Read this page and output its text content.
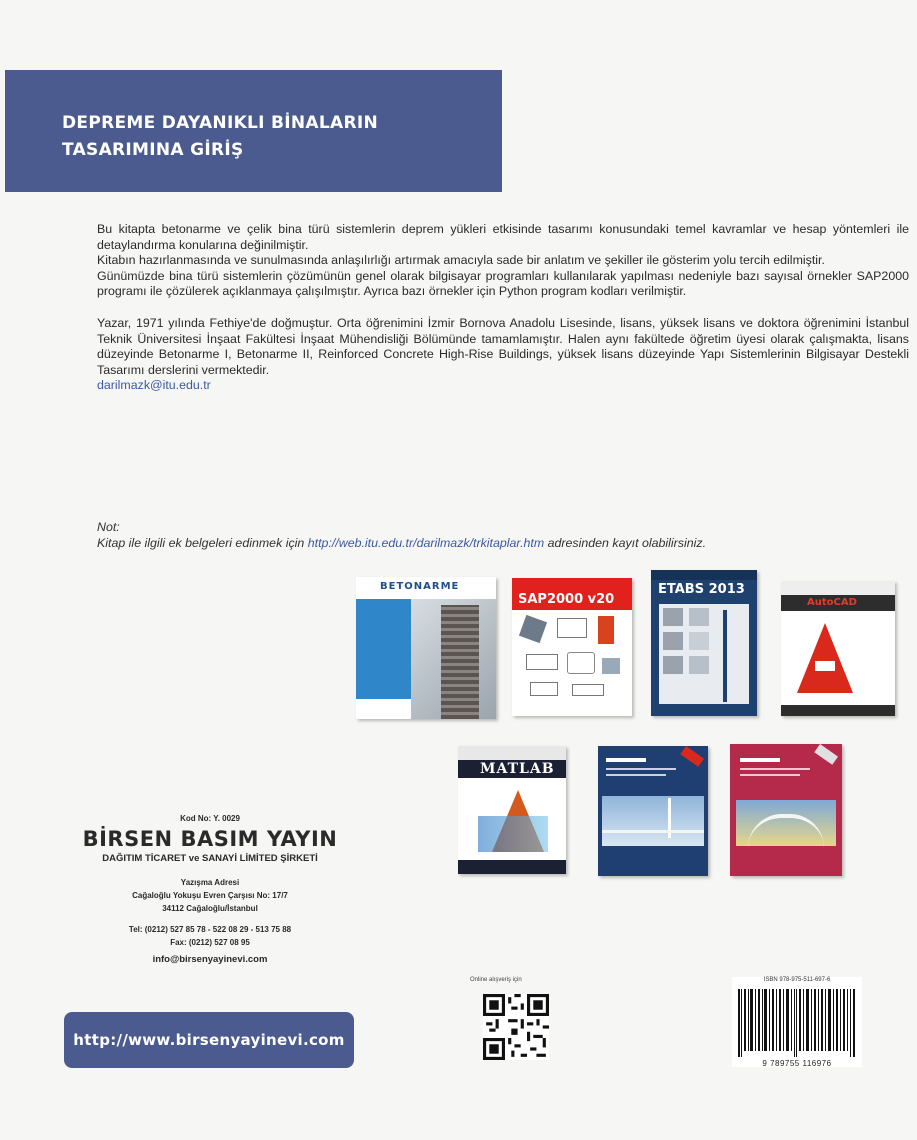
DEPREME DAYANIKLI BİNALARIN
TASARIMINA GİRİŞ

Bu kitapta betonarme ve çelik bina türü sistemlerin deprem yükleri etkisinde tasarımı konusundaki temel kavramlar ve hesap yöntemleri ile detaylandırma konularına değinilmiştir.

Kitabın hazırlanmasında ve sunulmasında anlaşılırlığı artırmak amacıyla sade bir anlatım ve şekiller ile gösterim yolu tercih edilmiştir.

Günümüzde bina türü sistemlerin çözümünün genel olarak bilgisayar programları kullanılarak yapılması nedeniyle bazı sayısal örnekler SAP2000 programı ile çözülerek açıklanmaya çalışılmıştır. Ayrıca bazı örnekler için Python program kodları verilmiştir.

Yazar, 1971 yılında Fethiye'de doğmuştur. Orta öğrenimini İzmir Bornova Anadolu Lisesinde, lisans, yüksek lisans ve doktora öğrenimini İstanbul Teknik Üniversitesi İnşaat Fakültesi İnşaat Mühendisliği Bölümünde tamamlamıştır. Halen aynı fakültede öğretim üyesi olarak çalışmakta, lisans düzeyinde Betonarme I, Betonarme II, Reinforced Concrete High-Rise Buildings, yüksek lisans düzeyinde Yapı Sistemlerinin Bilgisayar Destekli Tasarımı derslerini vermektedir.

darilmazk@itu.edu.tr

Not:
Kitap ile ilgili ek belgeleri edinmek için http://web.itu.edu.tr/darilmazk/trkitaplar.htm adresinden kayıt olabilirsiniz.
BETONARME
SAP2000 v20
ETABS 2013
AutoCAD
MATLAB
Kod No: Y. 0029
BİRSEN BASIM YAYIN
DAĞITIM TİCARET ve SANAYİ LİMİTED ŞİRKETİ
Yazışma Adresi
Cağaloğlu Yokuşu Evren Çarşısı No: 17/7
34112 Cağaloğlu/İstanbul
Tel: (0212) 527 85 78 - 522 08 29 - 513 75 88
Fax: (0212) 527 08 95
info@birsenyayinevi.com
http://www.birsenyayinevi.com
Online alışveriş için	ISBN 978-975-511-697-6
9 789755 116976
